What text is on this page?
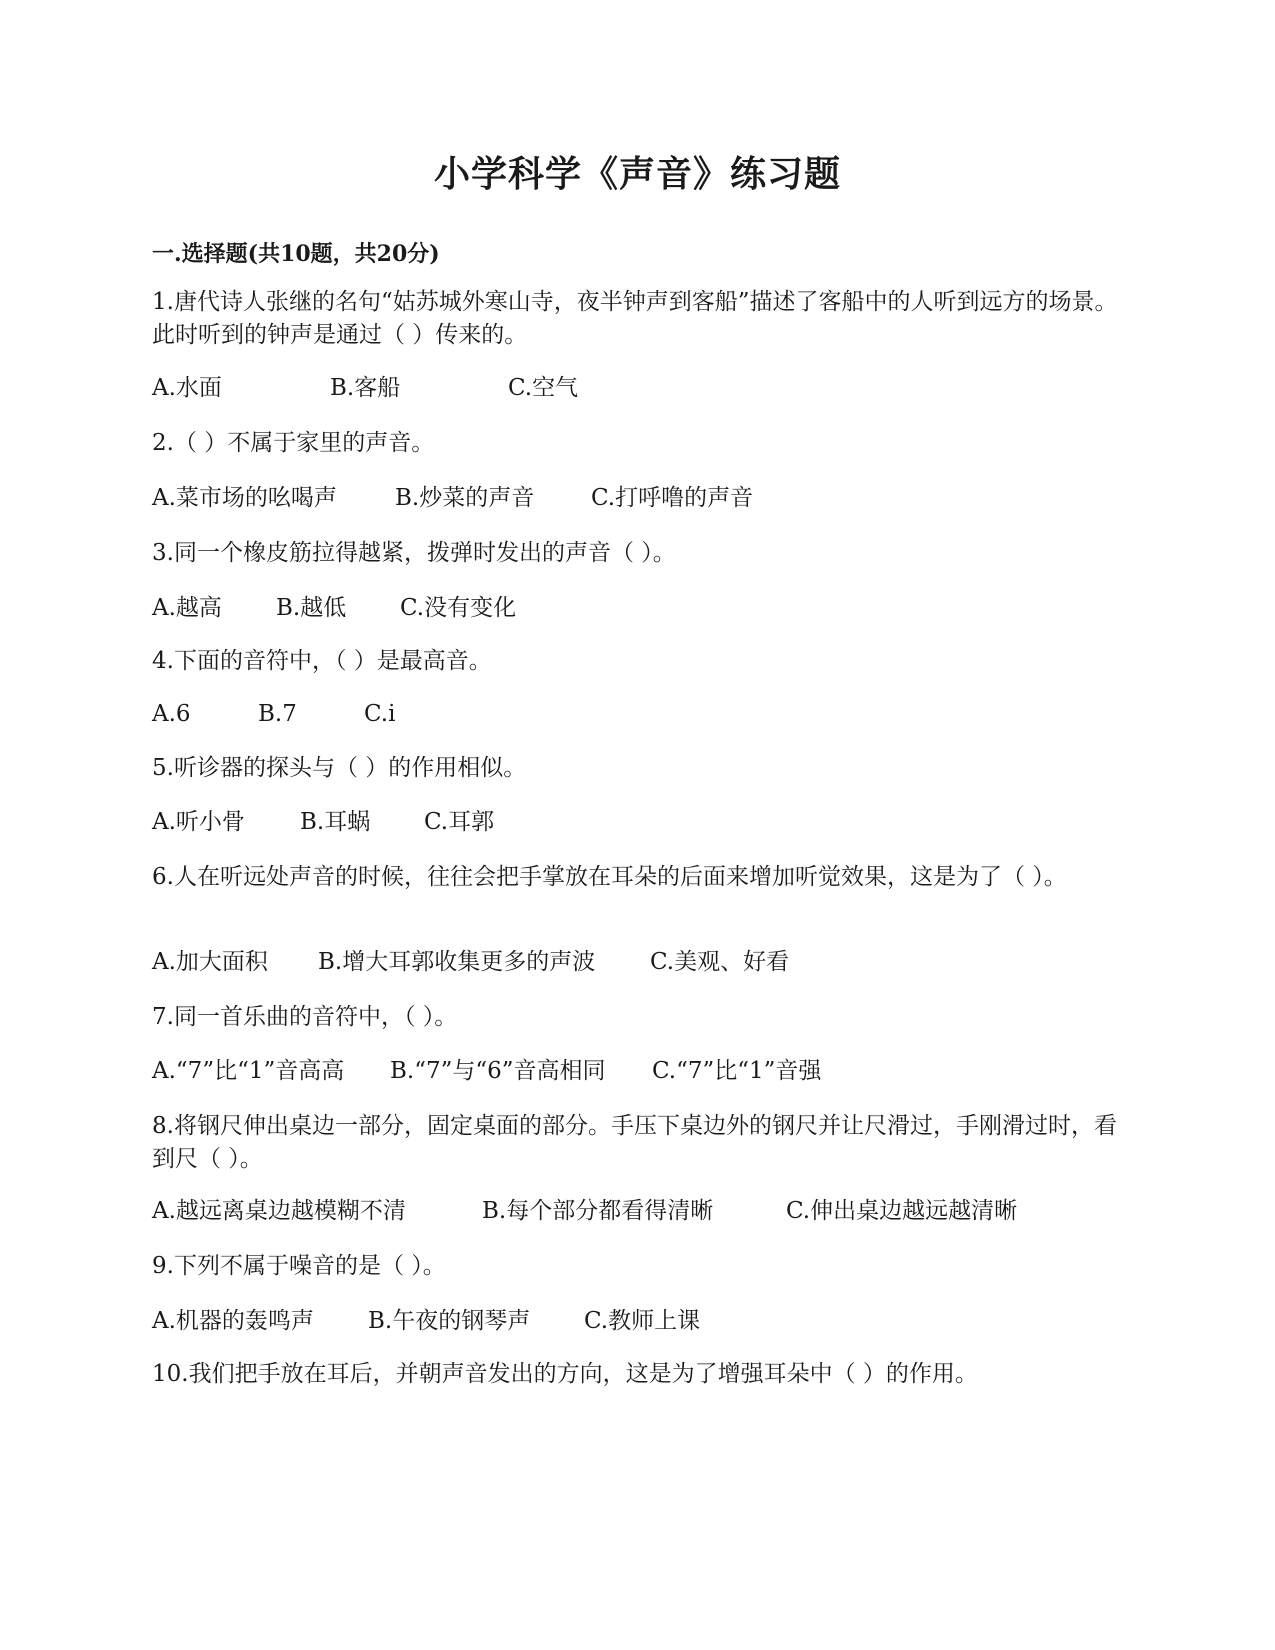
小学科学《声音》练习题
一.选择题(共10题，共20分)

1.唐代诗人张继的名句“姑苏城外寒山寺，夜半钟声到客船”描述了客船中的人听到远方的场景。此时听到的钟声是通过（ ）传来的。

A.水面	B.客船	C.空气

2.（ ）不属于家里的声音。

A.菜市场的吆喝声	B.炒菜的声音 C.打呼噜的声音

3.同一个橡皮筋拉得越紧，拨弹时发出的声音（ ）。

A.越高 B.越低 C.没有变化

4.下面的音符中，（ ）是最高音。

A.6	B.7	C.i

5.听诊器的探头与（ ）的作用相似。

A.听小骨 B.耳蜗 C.耳郭

6.人在听远处声音的时候，往往会把手掌放在耳朵的后面来增加听觉效果，这是为了（ ）。

A.加大面积 B.增大耳郭收集更多的声波 C.美观、好看

7.同一首乐曲的音符中，（ ）。

A.“7”比“1”音高高 B.“7”与“6”音高相同 C.“7”比“1”音强

8.将钢尺伸出桌边一部分，固定桌面的部分。手压下桌边外的钢尺并让尺滑过，手刚滑过时，看到尺（ ）。

A.越远离桌边越模糊不清	B.每个部分都看得清晰	C.伸出桌边越远越清晰

9.下列不属于噪音的是（ ）。

A.机器的轰鸣声 B.午夜的钢琴声 C.教师上课

10.我们把手放在耳后，并朝声音发出的方向，这是为了增强耳朵中（ ）的作用。
